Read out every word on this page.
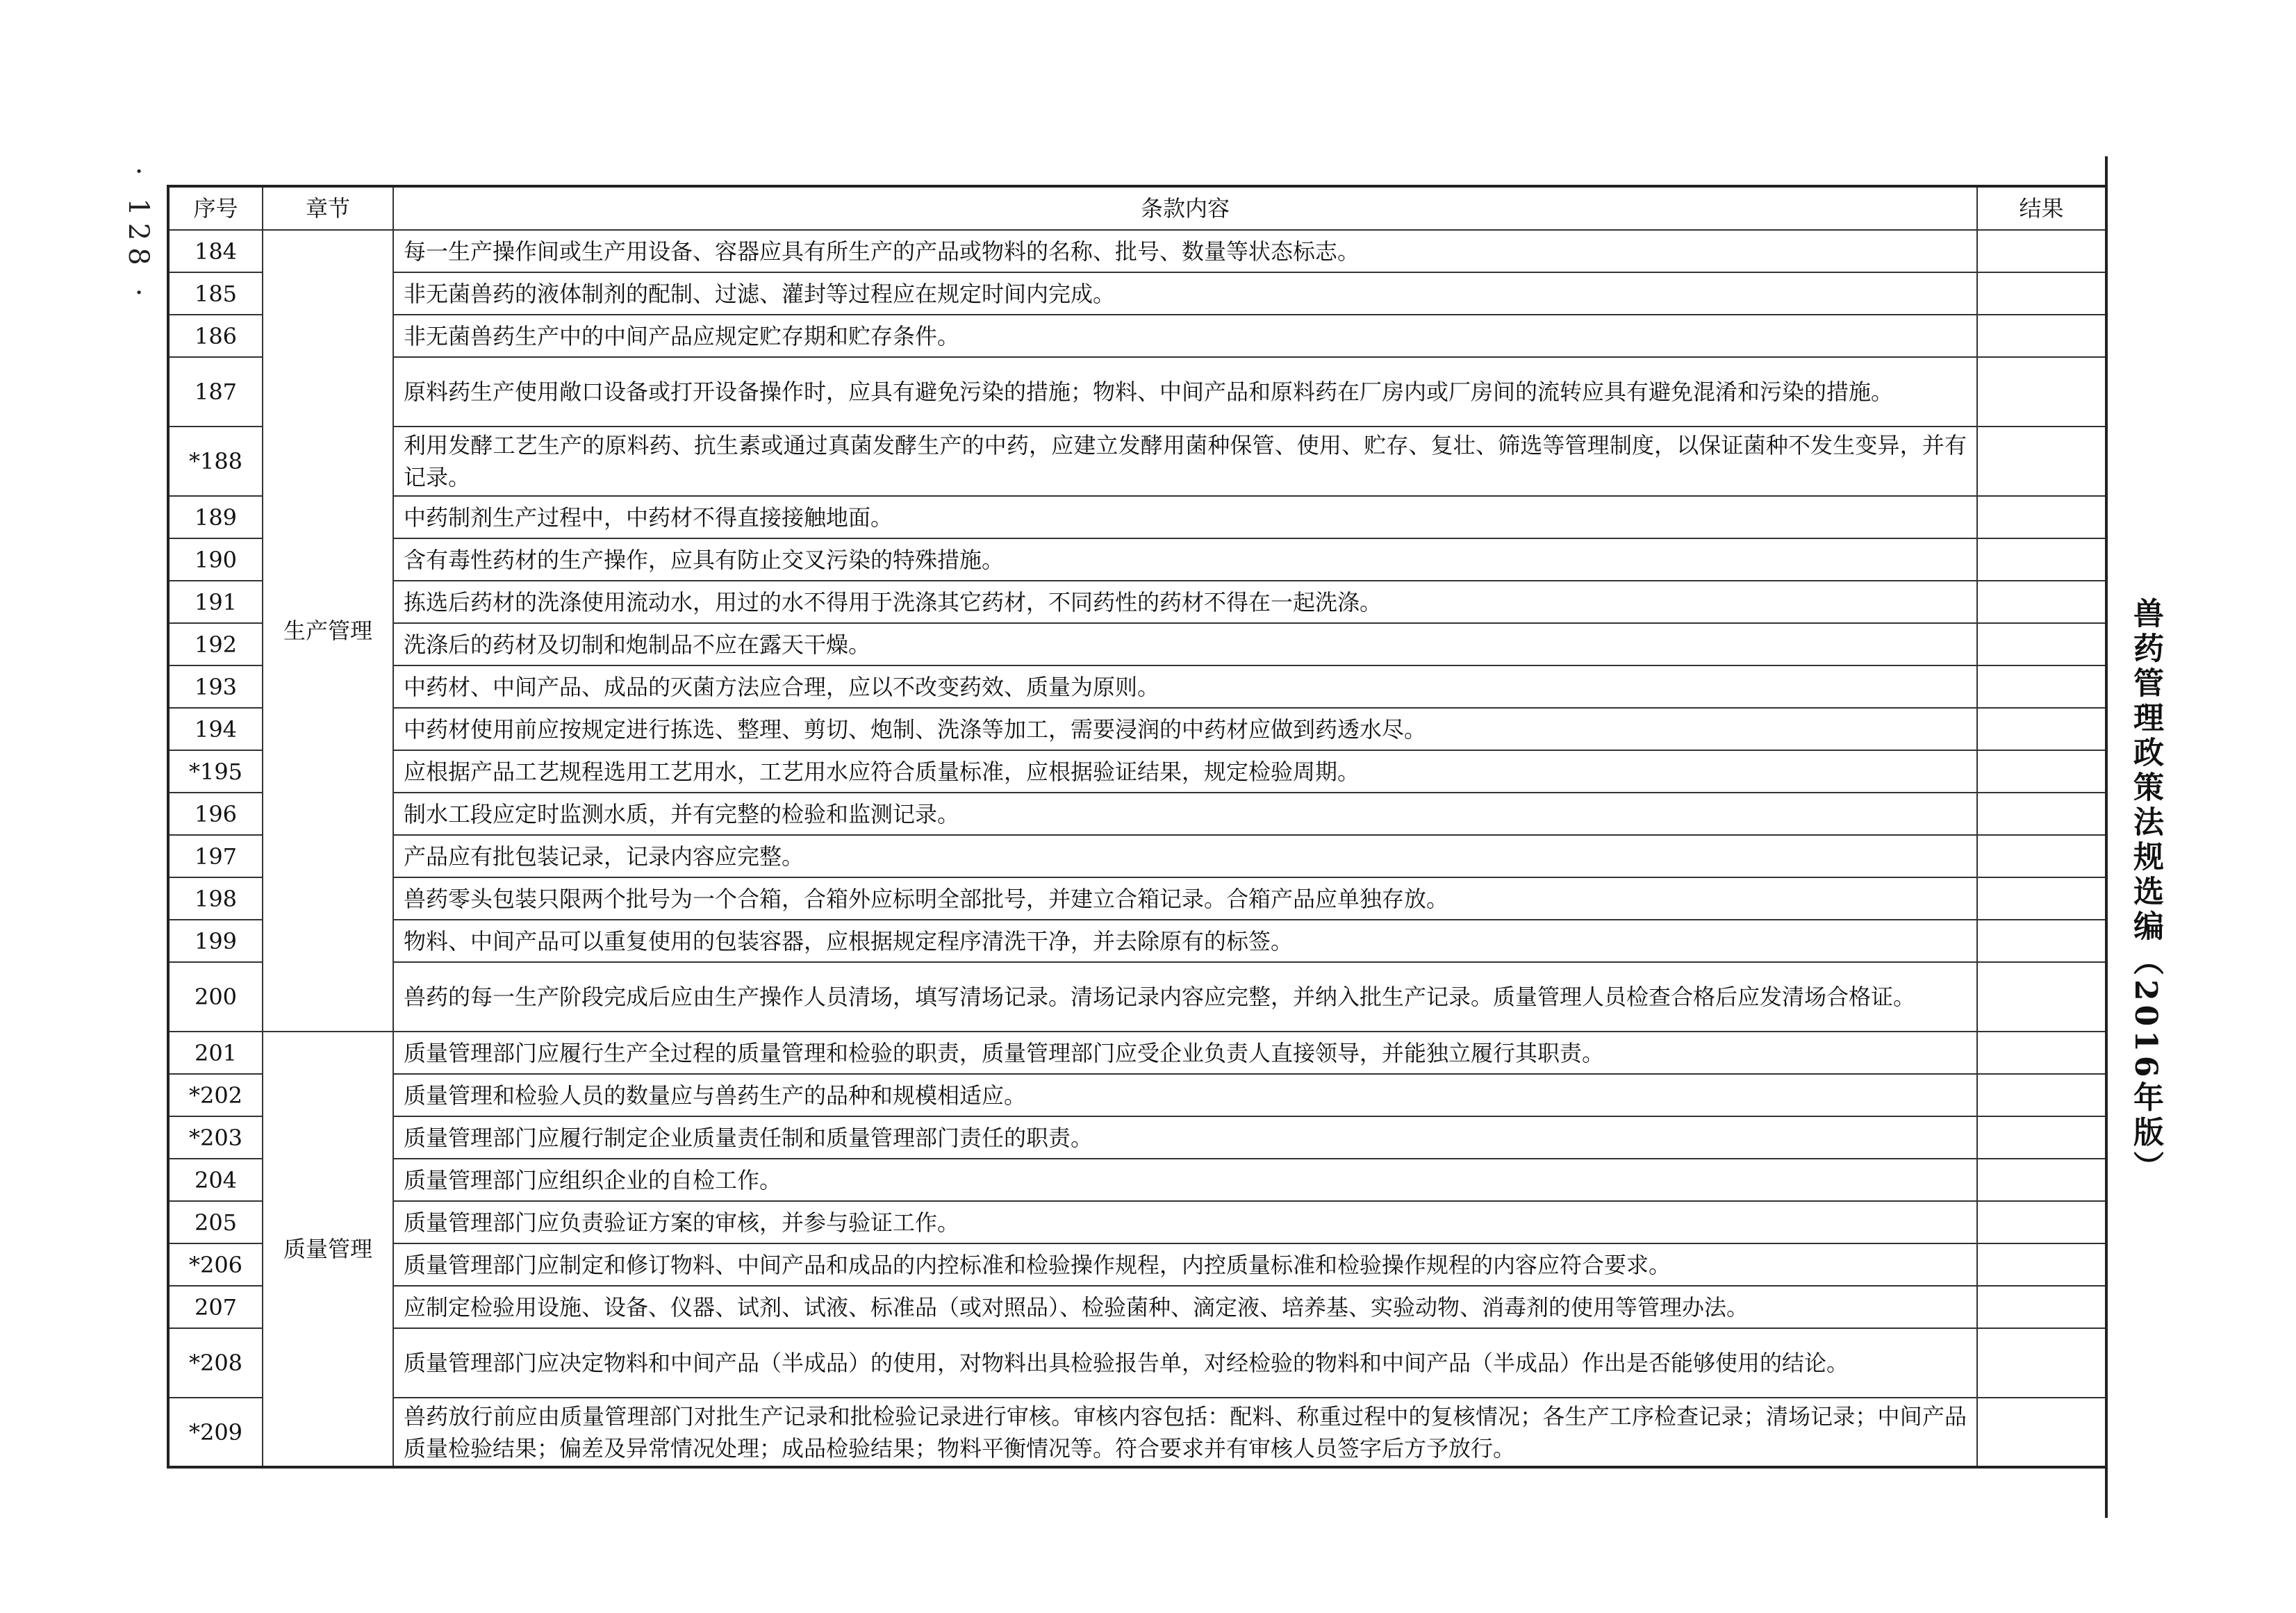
· 128 ·
兽药管理政策法规选编（2016年版）
序号	章节	条款内容	结果
184	生产管理	每一生产操作间或生产用设备、容器应具有所生产的产品或物料的名称、批号、数量等状态标志。	
185		非无菌兽药的液体制剂的配制、过滤、灌封等过程应在规定时间内完成。	
186		非无菌兽药生产中的中间产品应规定贮存期和贮存条件。	
187		原料药生产使用敞口设备或打开设备操作时，应具有避免污染的措施；物料、中间产品和原料药在厂房内或厂房间的流转应具有避免混淆和污染的措施。	
*188		利用发酵工艺生产的原料药、抗生素或通过真菌发酵生产的中药，应建立发酵用菌种保管、使用、贮存、复壮、筛选等管理制度，以保证菌种不发生变异，并有记录。	
189		中药制剂生产过程中，中药材不得直接接触地面。	
190		含有毒性药材的生产操作，应具有防止交叉污染的特殊措施。	
191		拣选后药材的洗涤使用流动水，用过的水不得用于洗涤其它药材，不同药性的药材不得在一起洗涤。	
192		洗涤后的药材及切制和炮制品不应在露天干燥。	
193		中药材、中间产品、成品的灭菌方法应合理，应以不改变药效、质量为原则。	
194		中药材使用前应按规定进行拣选、整理、剪切、炮制、洗涤等加工，需要浸润的中药材应做到药透水尽。	
*195		应根据产品工艺规程选用工艺用水，工艺用水应符合质量标准，应根据验证结果，规定检验周期。	
196		制水工段应定时监测水质，并有完整的检验和监测记录。	
197		产品应有批包装记录，记录内容应完整。	
198		兽药零头包装只限两个批号为一个合箱，合箱外应标明全部批号，并建立合箱记录。合箱产品应单独存放。	
199		物料、中间产品可以重复使用的包装容器，应根据规定程序清洗干净，并去除原有的标签。	
200		兽药的每一生产阶段完成后应由生产操作人员清场，填写清场记录。清场记录内容应完整，并纳入批生产记录。质量管理人员检查合格后应发清场合格证。	
201	质量管理	质量管理部门应履行生产全过程的质量管理和检验的职责，质量管理部门应受企业负责人直接领导，并能独立履行其职责。	
*202		质量管理和检验人员的数量应与兽药生产的品种和规模相适应。	
*203		质量管理部门应履行制定企业质量责任制和质量管理部门责任的职责。	
204		质量管理部门应组织企业的自检工作。	
205		质量管理部门应负责验证方案的审核，并参与验证工作。	
*206		质量管理部门应制定和修订物料、中间产品和成品的内控标准和检验操作规程，内控质量标准和检验操作规程的内容应符合要求。	
207		应制定检验用设施、设备、仪器、试剂、试液、标准品（或对照品）、检验菌种、滴定液、培养基、实验动物、消毒剂的使用等管理办法。	
*208		质量管理部门应决定物料和中间产品（半成品）的使用，对物料出具检验报告单，对经检验的物料和中间产品（半成品）作出是否能够使用的结论。	
*209		兽药放行前应由质量管理部门对批生产记录和批检验记录进行审核。审核内容包括：配料、称重过程中的复核情况；各生产工序检查记录；清场记录；中间产品质量检验结果；偏差及异常情况处理；成品检验结果；物料平衡情况等。符合要求并有审核人员签字后方予放行。	
